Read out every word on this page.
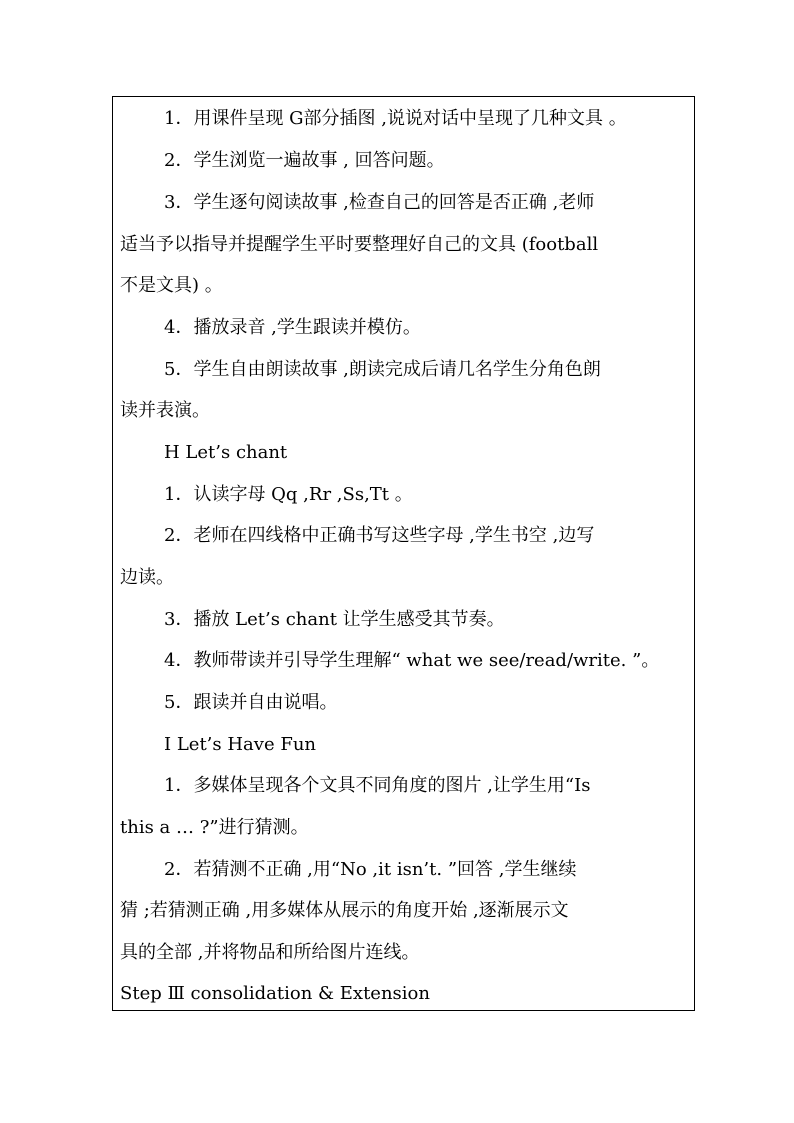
1．用课件呈现 G部分插图 ,说说对话中呈现了几种文具 。
2．学生浏览一遍故事 , 回答问题。
3．学生逐句阅读故事 ,检查自己的回答是否正确 ,老师
适当予以指导并提醒学生平时要整理好自己的文具 (football
不是文具) 。
4．播放录音 ,学生跟读并模仿。
5．学生自由朗读故事 ,朗读完成后请几名学生分角色朗
读并表演。
H Let’s chant
1．认读字母 Qq ,Rr ,Ss,Tt 。
2．老师在四线格中正确书写这些字母 ,学生书空 ,边写
边读。
3．播放 Let’s chant 让学生感受其节奏。
4．教师带读并引导学生理解“ what we see/read/write. ”。
5．跟读并自由说唱。
I Let’s Have Fun
1．多媒体呈现各个文具不同角度的图片 ,让学生用“Is
this a … ?”进行猜测。
2．若猜测不正确 ,用“No ,it isn’t. ”回答 ,学生继续
猜 ;若猜测正确 ,用多媒体从展示的角度开始 ,逐渐展示文
具的全部 ,并将物品和所给图片连线。
Step Ⅲ consolidation & Extension
